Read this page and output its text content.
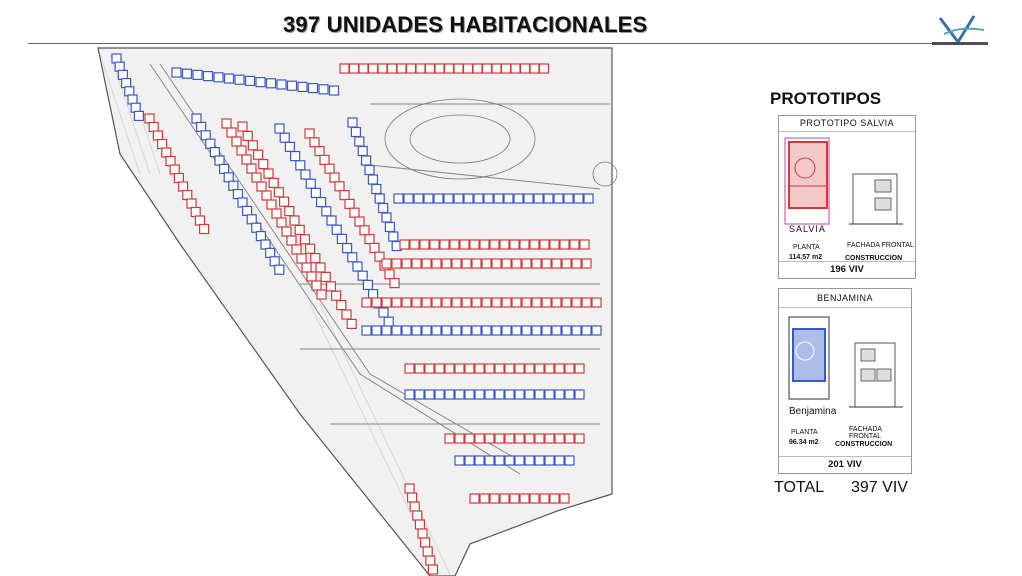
397 UNIDADES HABITACIONALES
PROTOTIPOS
PROTOTIPO SALVIA
SALVIA
PLANTA	FACHADA FRONTAL
114.57 m2	CONSTRUCCION
196 VIV
BENJAMINA
Benjamina
PLANTA	FACHADA FRONTAL
96.34 m2 CONSTRUCCION
201 VIV
TOTAL 397 VIV
